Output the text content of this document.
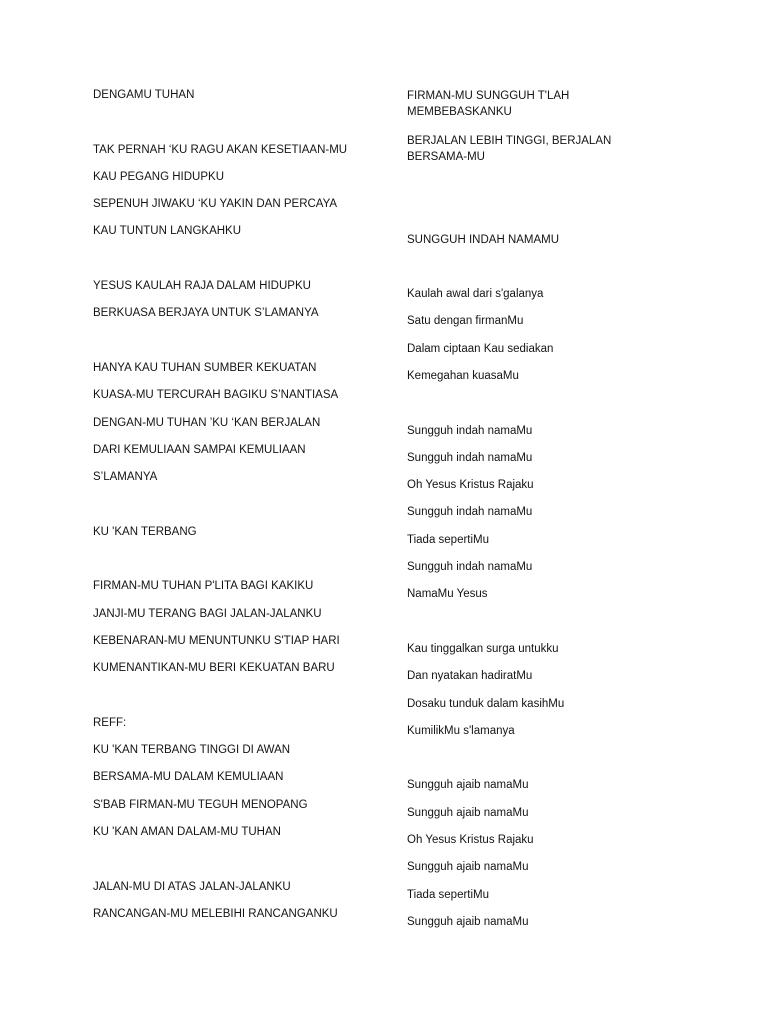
DENGAMU TUHAN
TAK PERNAH ‘KU RAGU AKAN KESETIAAN-MU
KAU PEGANG HIDUPKU
SEPENUH JIWAKU ‘KU YAKIN DAN PERCAYA
KAU TUNTUN LANGKAHKU
YESUS KAULAH RAJA DALAM HIDUPKU
BERKUASA BERJAYA UNTUK S’LAMANYA
HANYA KAU TUHAN SUMBER KEKUATAN
KUASA-MU TERCURAH BAGIKU S’NANTIASA
DENGAN-MU TUHAN ’KU ‘KAN BERJALAN
DARI KEMULIAAN SAMPAI KEMULIAAN
S’LAMANYA
KU 'KAN TERBANG
FIRMAN-MU TUHAN P'LITA BAGI KAKIKU
JANJI-MU TERANG BAGI JALAN-JALANKU
KEBENARAN-MU MENUNTUNKU S'TIAP HARI
KUMENANTIKAN-MU BERI KEKUATAN BARU
REFF:
KU 'KAN TERBANG TINGGI DI AWAN
BERSAMA-MU DALAM KEMULIAAN
S'BAB FIRMAN-MU TEGUH MENOPANG
KU 'KAN AMAN DALAM-MU TUHAN
JALAN-MU DI ATAS JALAN-JALANKU
RANCANGAN-MU MELEBIHI RANCANGANKU
FIRMAN-MU SUNGGUH T'LAH MEMBEBASKANKU
BERJALAN LEBIH TINGGI, BERJALAN BERSAMA-MU
SUNGGUH INDAH NAMAMU
Kaulah awal dari s'galanya
Satu dengan firmanMu
Dalam ciptaan Kau sediakan
Kemegahan kuasaMu
Sungguh indah namaMu
Sungguh indah namaMu
Oh Yesus Kristus Rajaku
Sungguh indah namaMu
Tiada sepertiMu
Sungguh indah namaMu
NamaMu Yesus
Kau tinggalkan surga untukku
Dan nyatakan hadiratMu
Dosaku tunduk dalam kasihMu
KumilikMu s'lamanya
Sungguh ajaib namaMu
Sungguh ajaib namaMu
Oh Yesus Kristus Rajaku
Sungguh ajaib namaMu
Tiada sepertiMu
Sungguh ajaib namaMu
